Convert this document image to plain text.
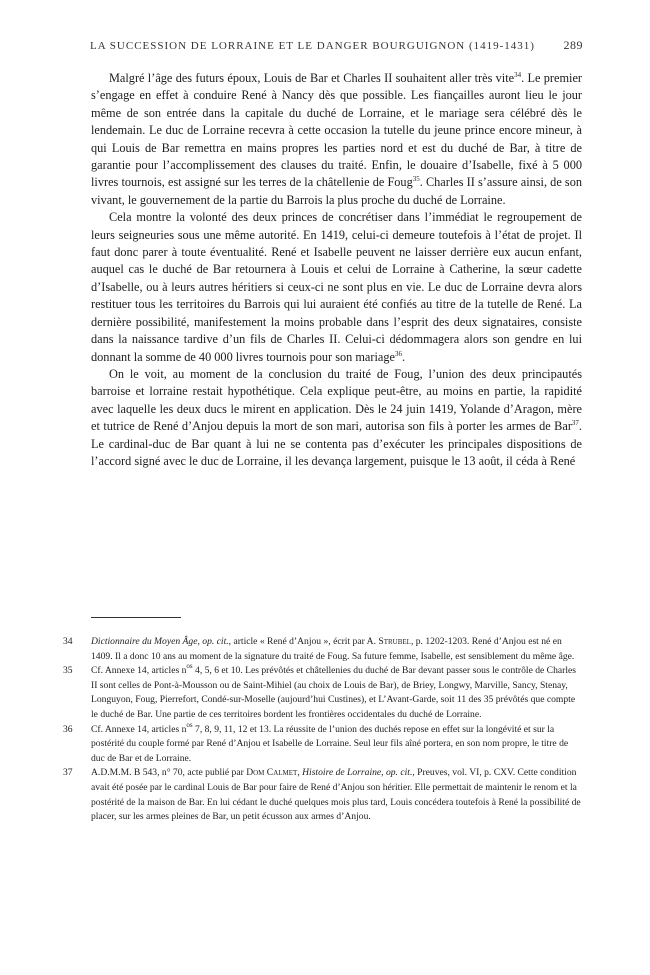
LA SUCCESSION DE LORRAINE ET LE DANGER BOURGUIGNON (1419-1431) 289

Malgré l’âge des futurs époux, Louis de Bar et Charles II souhaitent aller très vite$^{34}$. Le premier s’engage en effet à conduire René à Nancy dès que possible. Les fiançailles auront lieu le jour même de son entrée dans la capitale du duché de Lorraine, et le mariage sera célébré dès le lendemain. Le duc de Lorraine recevra à cette occasion la tutelle du jeune prince encore mineur, à qui Louis de Bar remettra en mains propres les parties nord et est du duché de Bar, à titre de garantie pour l’accomplissement des clauses du traité. Enfin, le douaire d’Isabelle, fixé à 5 000 livres tournois, est assigné sur les terres de la châtellenie de Foug$^{35}$. Charles II s’assure ainsi, de son vivant, le gouvernement de la partie du Barrois la plus proche du duché de Lorraine.

Cela montre la volonté des deux princes de concrétiser dans l’immédiat le regroupement de leurs seigneuries sous une même autorité. En 1419, celui-ci demeure toutefois à l’état de projet. Il faut donc parer à toute éventualité. René et Isabelle peuvent ne laisser derrière eux aucun enfant, auquel cas le duché de Bar retournera à Louis et celui de Lorraine à Catherine, la sœur cadette d’Isabelle, ou à leurs autres héritiers si ceux-ci ne sont plus en vie. Le duc de Lorraine devra alors restituer tous les territoires du Barrois qui lui auraient été confiés au titre de la tutelle de René. La dernière possibilité, manifestement la moins probable dans l’esprit des deux signataires, consiste dans la naissance tardive d’un fils de Charles II. Celui-ci dédommagera alors son gendre en lui donnant la somme de 40 000 livres tournois pour son mariage$^{36}$.

On le voit, au moment de la conclusion du traité de Foug, l’union des deux principautés barroise et lorraine restait hypothétique. Cela explique peut-être, au moins en partie, la rapidité avec laquelle les deux ducs le mirent en application. Dès le 24 juin 1419, Yolande d’Aragon, mère et tutrice de René d’Anjou depuis la mort de son mari, autorisa son fils à porter les armes de Bar$^{37}$. Le cardinal-duc de Bar quant à lui ne se contenta pas d’exécuter les principales dispositions de l’accord signé avec le duc de Lorraine, il les devança largement, puisque le 13 août, il céda à René

34	Dictionnaire du Moyen Âge, op. cit., article « René d’Anjou », écrit par A. Strubel, p. 1202-1203. René d’Anjou est né en 1409. Il a donc 10 ans au moment de la signature du traité de Foug. Sa future femme, Isabelle, est sensiblement du même âge.
35	Cf. Annexe 14, articles $n^{os}$ 4, 5, 6 et 10. Les prévôtés et châtellenies du duché de Bar devant passer sous le contrôle de Charles II sont celles de Pont-à-Mousson ou de Saint-Mihiel (au choix de Louis de Bar), de Briey, Longwy, Marville, Sancy, Stenay, Longuyon, Foug, Pierrefort, Condé-sur-Moselle (aujourd’hui Custines), et L’Avant-Garde, soit 11 des 35 prévôtés que compte le duché de Bar. Une partie de ces territoires bordent les frontières occidentales du duché de Lorraine.
36	Cf. Annexe 14, articles $n^{os}$ 7, 8, 9, 11, 12 et 13. La réussite de l’union des duchés repose en effet sur la longévité et sur la postérité du couple formé par René d’Anjou et Isabelle de Lorraine. Seul leur fils aîné portera, en son nom propre, le titre de duc de Bar et de Lorraine.
37	A.D.M.M. B 543, n° 70, acte publié par Dom Calmet, Histoire de Lorraine, op. cit., Preuves, vol. VI, p. CXV. Cette condition avait été posée par le cardinal Louis de Bar pour faire de René d’Anjou son héritier. Elle permettait de maintenir le renom et la postérité de la maison de Bar. En lui cédant le duché quelques mois plus tard, Louis concédera toutefois à René la possibilité de placer, sur les armes pleines de Bar, un petit écusson aux armes d’Anjou.
